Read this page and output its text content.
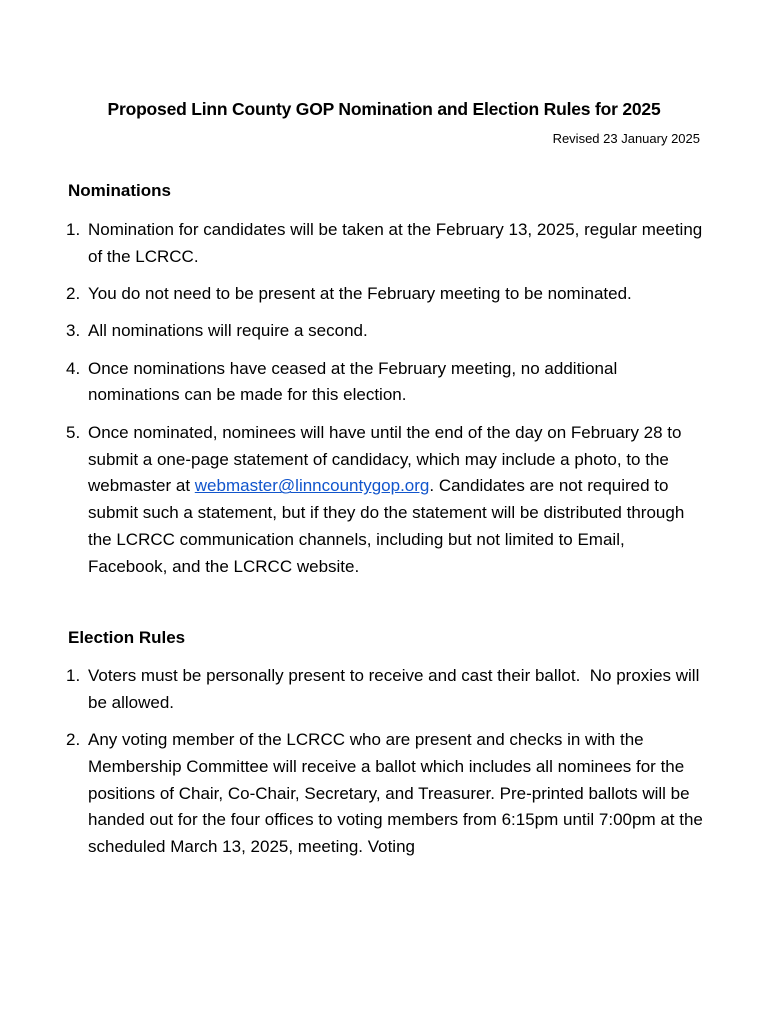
Proposed Linn County GOP Nomination and Election Rules for 2025
Revised 23 January 2025
Nominations
1. Nomination for candidates will be taken at the February 13, 2025, regular meeting of the LCRCC.
2. You do not need to be present at the February meeting to be nominated.
3. All nominations will require a second.
4. Once nominations have ceased at the February meeting, no additional nominations can be made for this election.
5. Once nominated, nominees will have until the end of the day on February 28 to submit a one-page statement of candidacy, which may include a photo, to the webmaster at webmaster@linncountygop.org. Candidates are not required to submit such a statement, but if they do the statement will be distributed through the LCRCC communication channels, including but not limited to Email, Facebook, and the LCRCC website.
Election Rules
1. Voters must be personally present to receive and cast their ballot.  No proxies will be allowed.
2. Any voting member of the LCRCC who are present and checks in with the Membership Committee will receive a ballot which includes all nominees for the positions of Chair, Co-Chair, Secretary, and Treasurer. Pre-printed ballots will be handed out for the four offices to voting members from 6:15pm until 7:00pm at the scheduled March 13, 2025, meeting. Voting
